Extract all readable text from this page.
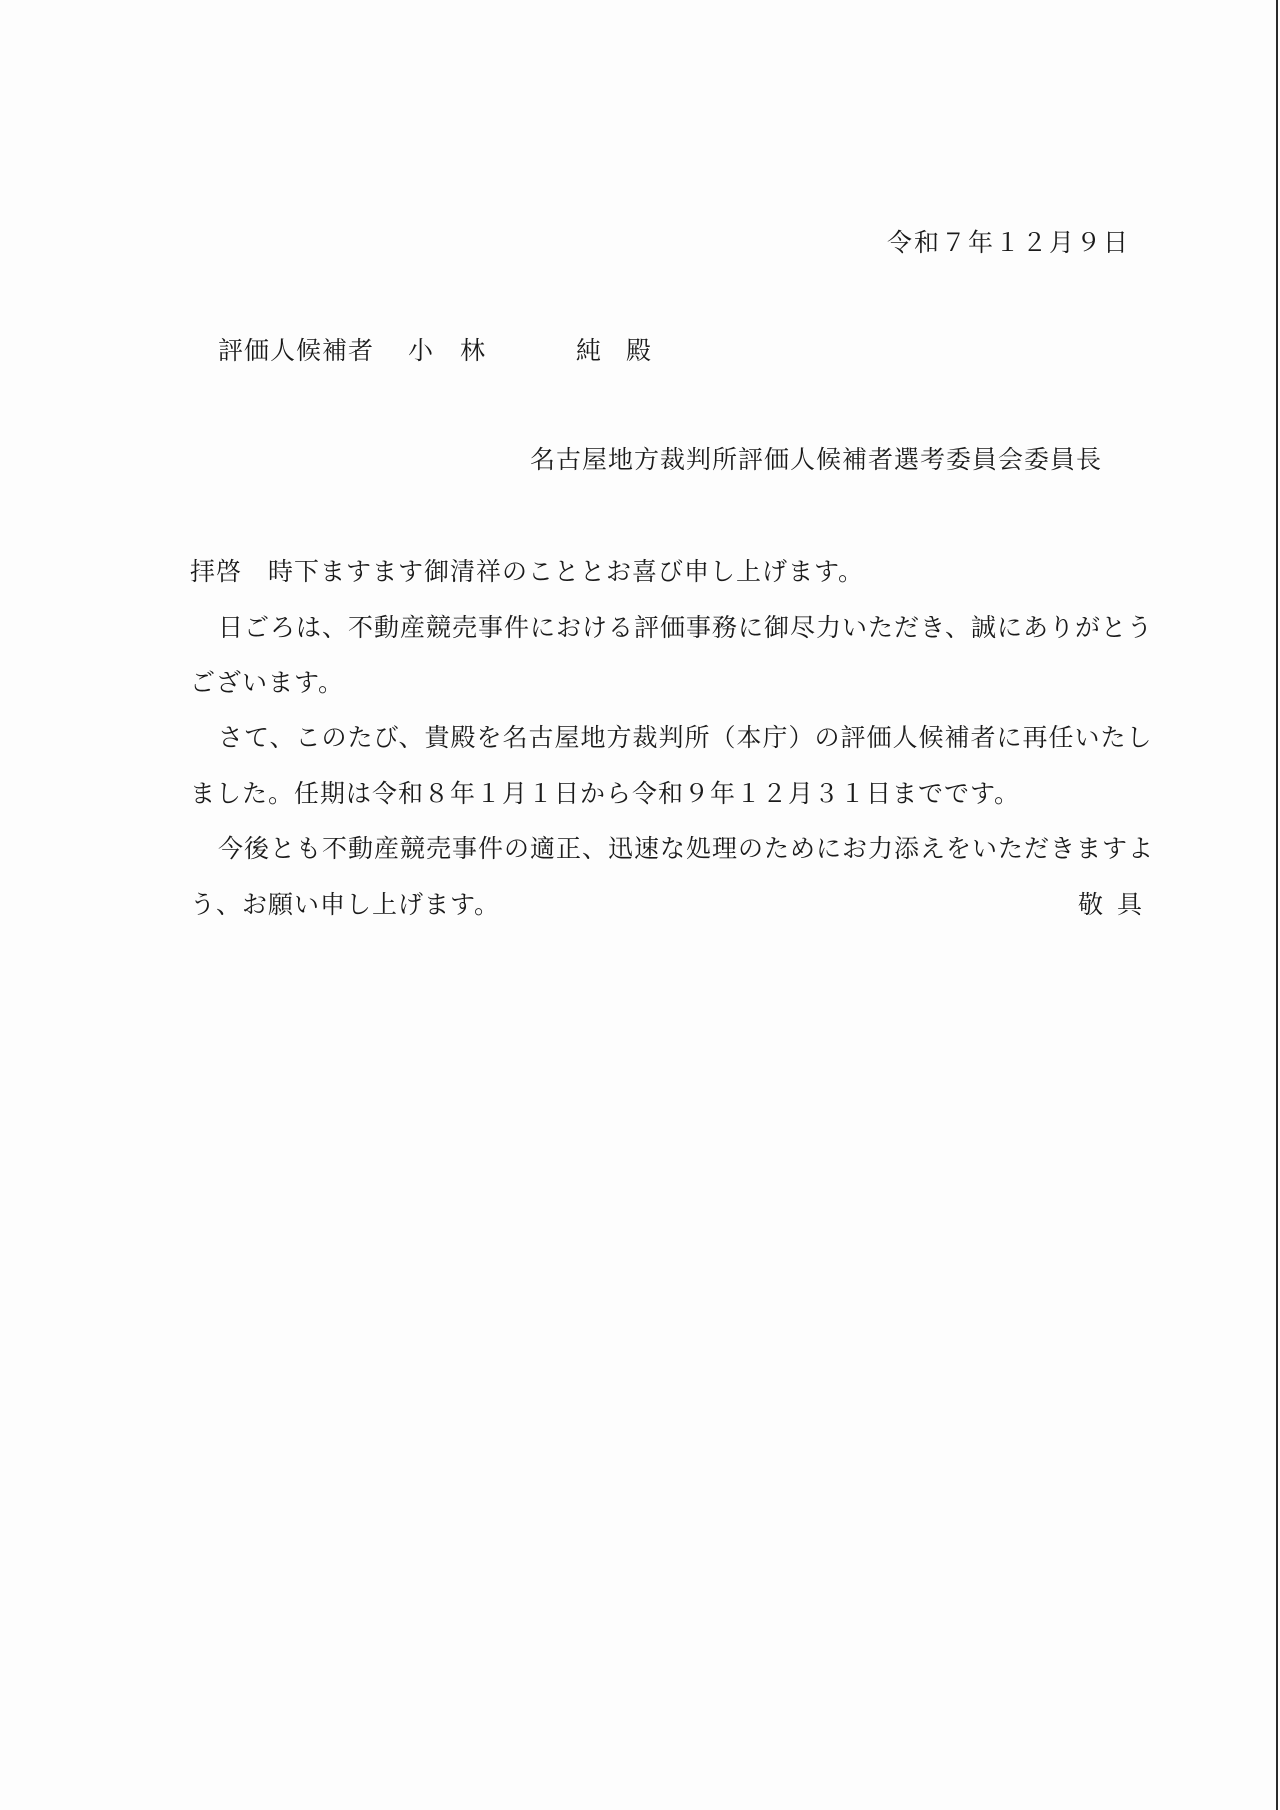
令和７年１２月９日
評価人候補者 小　林	純 殿
名古屋地方裁判所評価人候補者選考委員会委員長
拝啓　時下ますます御清祥のこととお喜び申し上げます。
日ごろは、不動産競売事件における評価事務に御尽力いただき、誠にありがとう
ございます。
さて、このたび、貴殿を名古屋地方裁判所（本庁）の評価人候補者に再任いたし
ました。任期は令和８年１月１日から令和９年１２月３１日までです。
今後とも不動産競売事件の適正、迅速な処理のためにお力添えをいただきますよ
う、お願い申し上げます。	敬具
